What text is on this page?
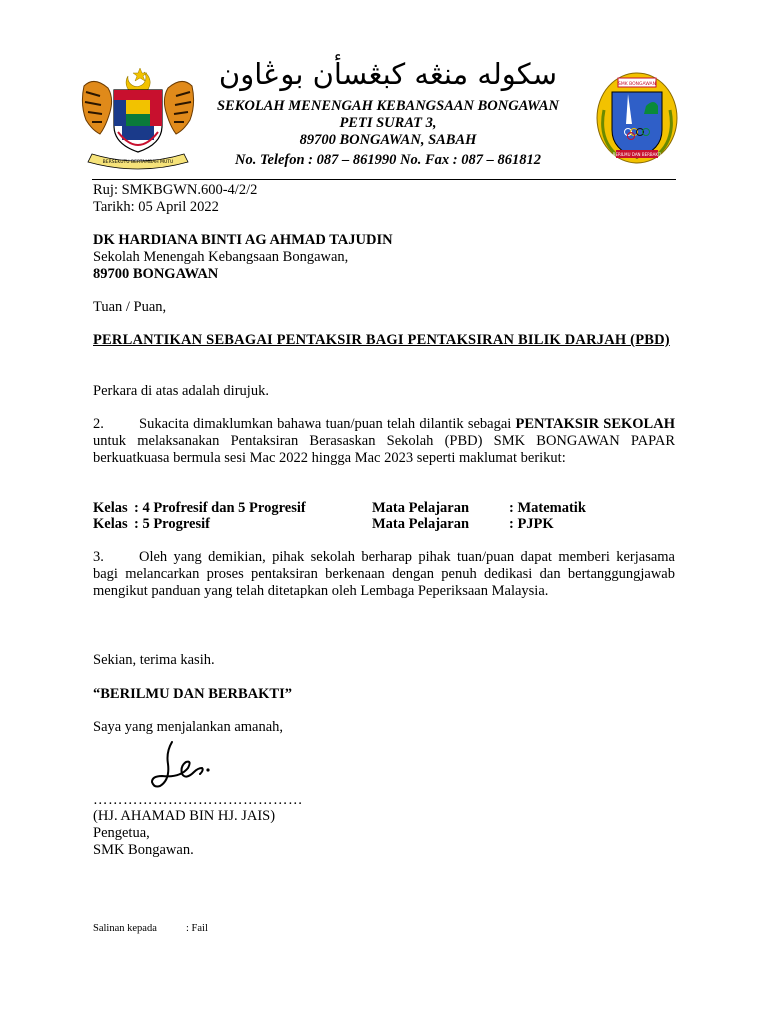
BERSEKUTU BERTAMBAH MUTU
SMK BONGAWAN
BERILMU DAN BERBAKTI
سكوله منڠه كبڠسأن بوڠاون
SEKOLAH MENENGAH KEBANGSAAN BONGAWAN
PETI SURAT 3,
89700 BONGAWAN, SABAH
No. Telefon : 087 – 861990 No. Fax : 087 – 861812
Ruj: SMKBGWN.600-4/2/2
Tarikh: 05 April 2022
DK HARDIANA BINTI AG AHMAD TAJUDIN
Sekolah Menengah Kebangsaan Bongawan,
89700 BONGAWAN
Tuan / Puan,
PERLANTIKAN SEBAGAI PENTAKSIR BAGI PENTAKSIRAN BILIK DARJAH (PBD)
Perkara di atas adalah dirujuk.
2. Sukacita dimaklumkan bahawa tuan/puan telah dilantik sebagai PENTAKSIR SEKOLAH untuk melaksanakan Pentaksiran Berasaskan Sekolah (PBD) SMK BONGAWAN PAPAR berkuatkuasa bermula sesi Mac 2022 hingga Mac 2023 seperti maklumat berikut:
Kelas : 4 Profresif dan 5 Progresif	Mata Pelajaran	: Matematik
Kelas : 5 Progresif	Mata Pelajaran	: PJPK
3. Oleh yang demikian, pihak sekolah berharap pihak tuan/puan dapat memberi kerjasama bagi melancarkan proses pentaksiran berkenaan dengan penuh dedikasi dan bertanggungjawab mengikut panduan yang telah ditetapkan oleh Lembaga Peperiksaan Malaysia.
Sekian, terima kasih.
“BERILMU DAN BERBAKTI”
Saya yang menjalankan amanah,
……………………………………
(HJ. AHAMAD BIN HJ. JAIS)
Pengetua,
SMK Bongawan.
Salinan kepada	: Fail
